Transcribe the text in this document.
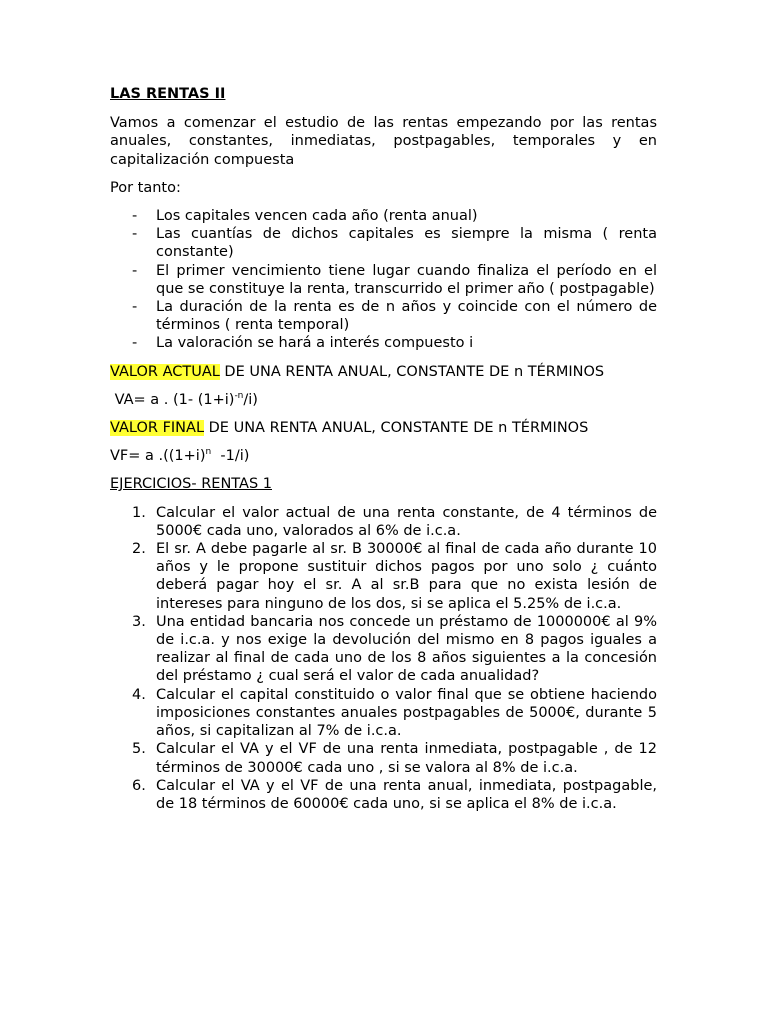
LAS RENTAS II

Vamos a comenzar el estudio de las rentas empezando por las rentas anuales, constantes, inmediatas, postpagables, temporales y en capitalización compuesta

Por tanto:

- Los capitales vencen cada año (renta anual)
- Las cuantías de dichos capitales es siempre la misma ( renta constante)
- El primer vencimiento tiene lugar cuando finaliza el período en el que se constituye la renta, transcurrido el primer año ( postpagable)
- La duración de la renta es de n años y coincide con el número de términos ( renta temporal)
- La valoración se hará a interés compuesto i

VALOR ACTUAL DE UNA RENTA ANUAL, CONSTANTE DE n TÉRMINOS

VA= a . (1- $(1+i)^{-n}/i$)

VALOR FINAL DE UNA RENTA ANUAL, CONSTANTE DE n TÉRMINOS

VF= a $.((1+i)^n$  -1/i)

EJERCICIOS- RENTAS 1

1. Calcular el valor actual de una renta constante, de 4 términos de 5000€ cada uno, valorados al 6% de i.c.a.
2. El sr. A debe pagarle al sr. B 30000€ al final de cada año durante 10 años y le propone sustituir dichos pagos por uno solo ¿ cuánto deberá pagar hoy el sr. A al sr.B para que no exista lesión de intereses para ninguno de los dos, si se aplica el 5.25% de i.c.a.
3. Una entidad bancaria nos concede un préstamo de 1000000€ al 9% de i.c.a. y nos exige la devolución del mismo en 8 pagos iguales a realizar al final de cada uno de los 8 años siguientes a la concesión del préstamo ¿ cual será el valor de cada anualidad?
4. Calcular el capital constituido o valor final que se obtiene haciendo imposiciones constantes anuales postpagables de 5000€, durante 5 años, si capitalizan al 7% de i.c.a.
5. Calcular el VA y el VF de una renta inmediata, postpagable , de 12 términos de 30000€ cada uno , si se valora al 8% de i.c.a.
6. Calcular el VA y el VF de una renta anual, inmediata, postpagable, de 18 términos de 60000€ cada uno, si se aplica el 8% de i.c.a.
